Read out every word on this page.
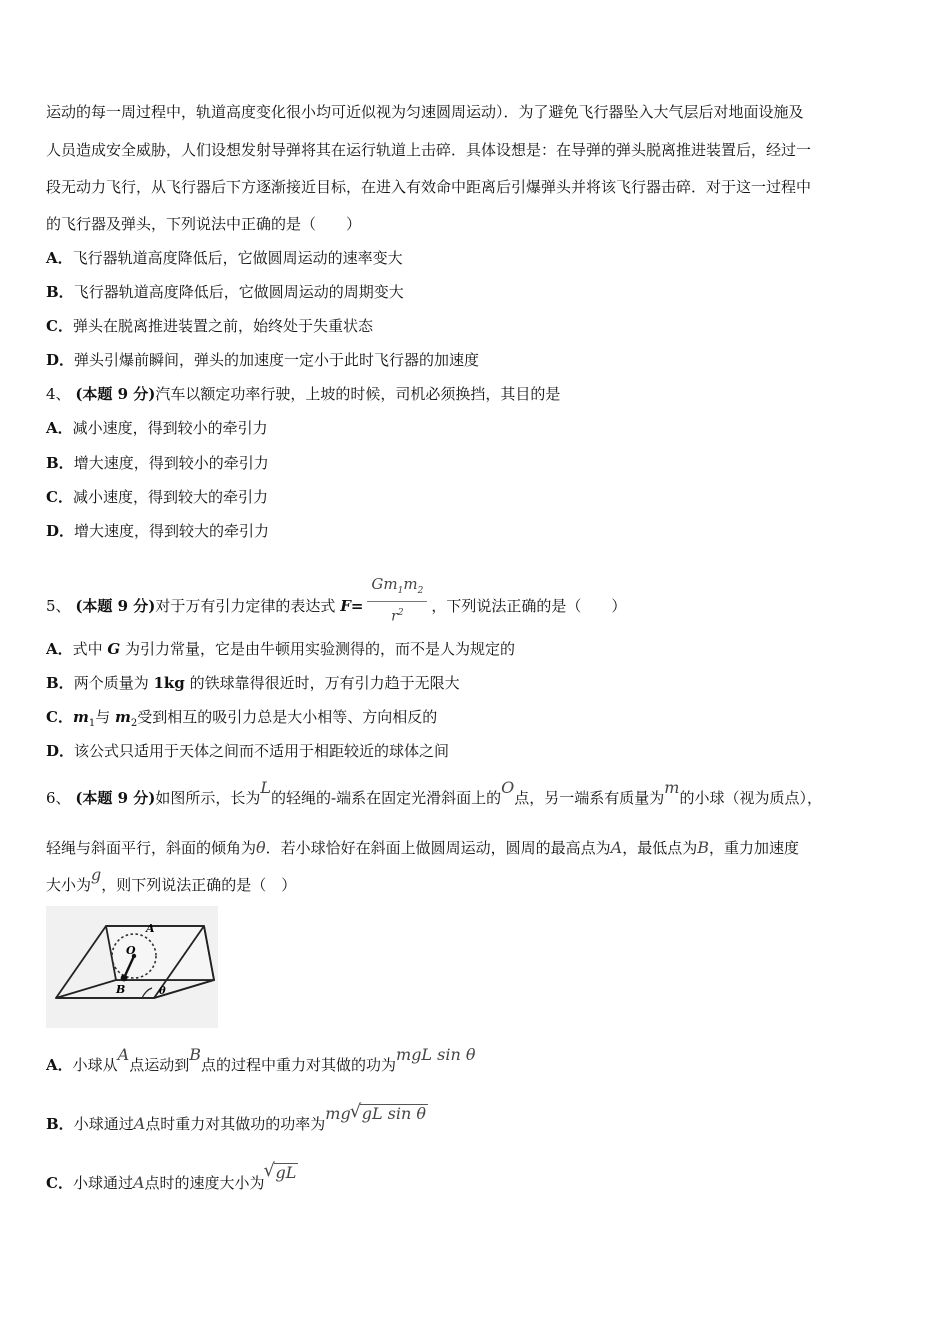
运动的每一周过程中，轨道高度变化很小均可近似视为匀速圆周运动）．为了避免飞行器坠入大气层后对地面设施及
人员造成安全威胁，人们设想发射导弹将其在运行轨道上击碎．具体设想是：在导弹的弹头脱离推进装置后，经过一
段无动力飞行，从飞行器后下方逐渐接近目标，在进入有效命中距离后引爆弹头并将该飞行器击碎．对于这一过程中
的飞行器及弹头，下列说法中正确的是（　　）
A．飞行器轨道高度降低后，它做圆周运动的速率变大
B．飞行器轨道高度降低后，它做圆周运动的周期变大
C．弹头在脱离推进装置之前，始终处于失重状态
D．弹头引爆前瞬间，弹头的加速度一定小于此时飞行器的加速度
4、 (本题 9 分)汽车以额定功率行驶，上坡的时候，司机必须换挡，其目的是
A．减小速度，得到较小的牵引力
B．增大速度，得到较小的牵引力
C．减小速度，得到较大的牵引力
D．增大速度，得到较大的牵引力
5、 (本题 9 分)对于万有引力定律的表达式 $F= \frac{Gm_1m_2}{r^2}$ ，下列说法正确的是（　　）
A．式中 G 为引力常量，它是由牛顿用实验测得的，而不是人为规定的
B．两个质量为 1kg 的铁球靠得很近时，万有引力趋于无限大
C．$m_1$与 $m_2$受到相互的吸引力总是大小相等、方向相反的
D．该公式只适用于天体之间而不适用于相距较近的球体之间
6、 (本题 9 分)如图所示，长为L的轻绳的-端系在固定光滑斜面上的O点，另一端系有质量为m的小球（视为质点），
轻绳与斜面平行，斜面的倾角为θ．若小球恰好在斜面上做圆周运动，圆周的最高点为A，最低点为B，重力加速度
大小为g，则下列说法正确的是（　）
A
O
B	θ
A．小球从A点运动到B点的过程中重力对其做的功为mgL sin θ
B．小球通过A点时重力对其做功的功率为mg√ gL sin θ
C．小球通过A点时的速度大小为√ gL
